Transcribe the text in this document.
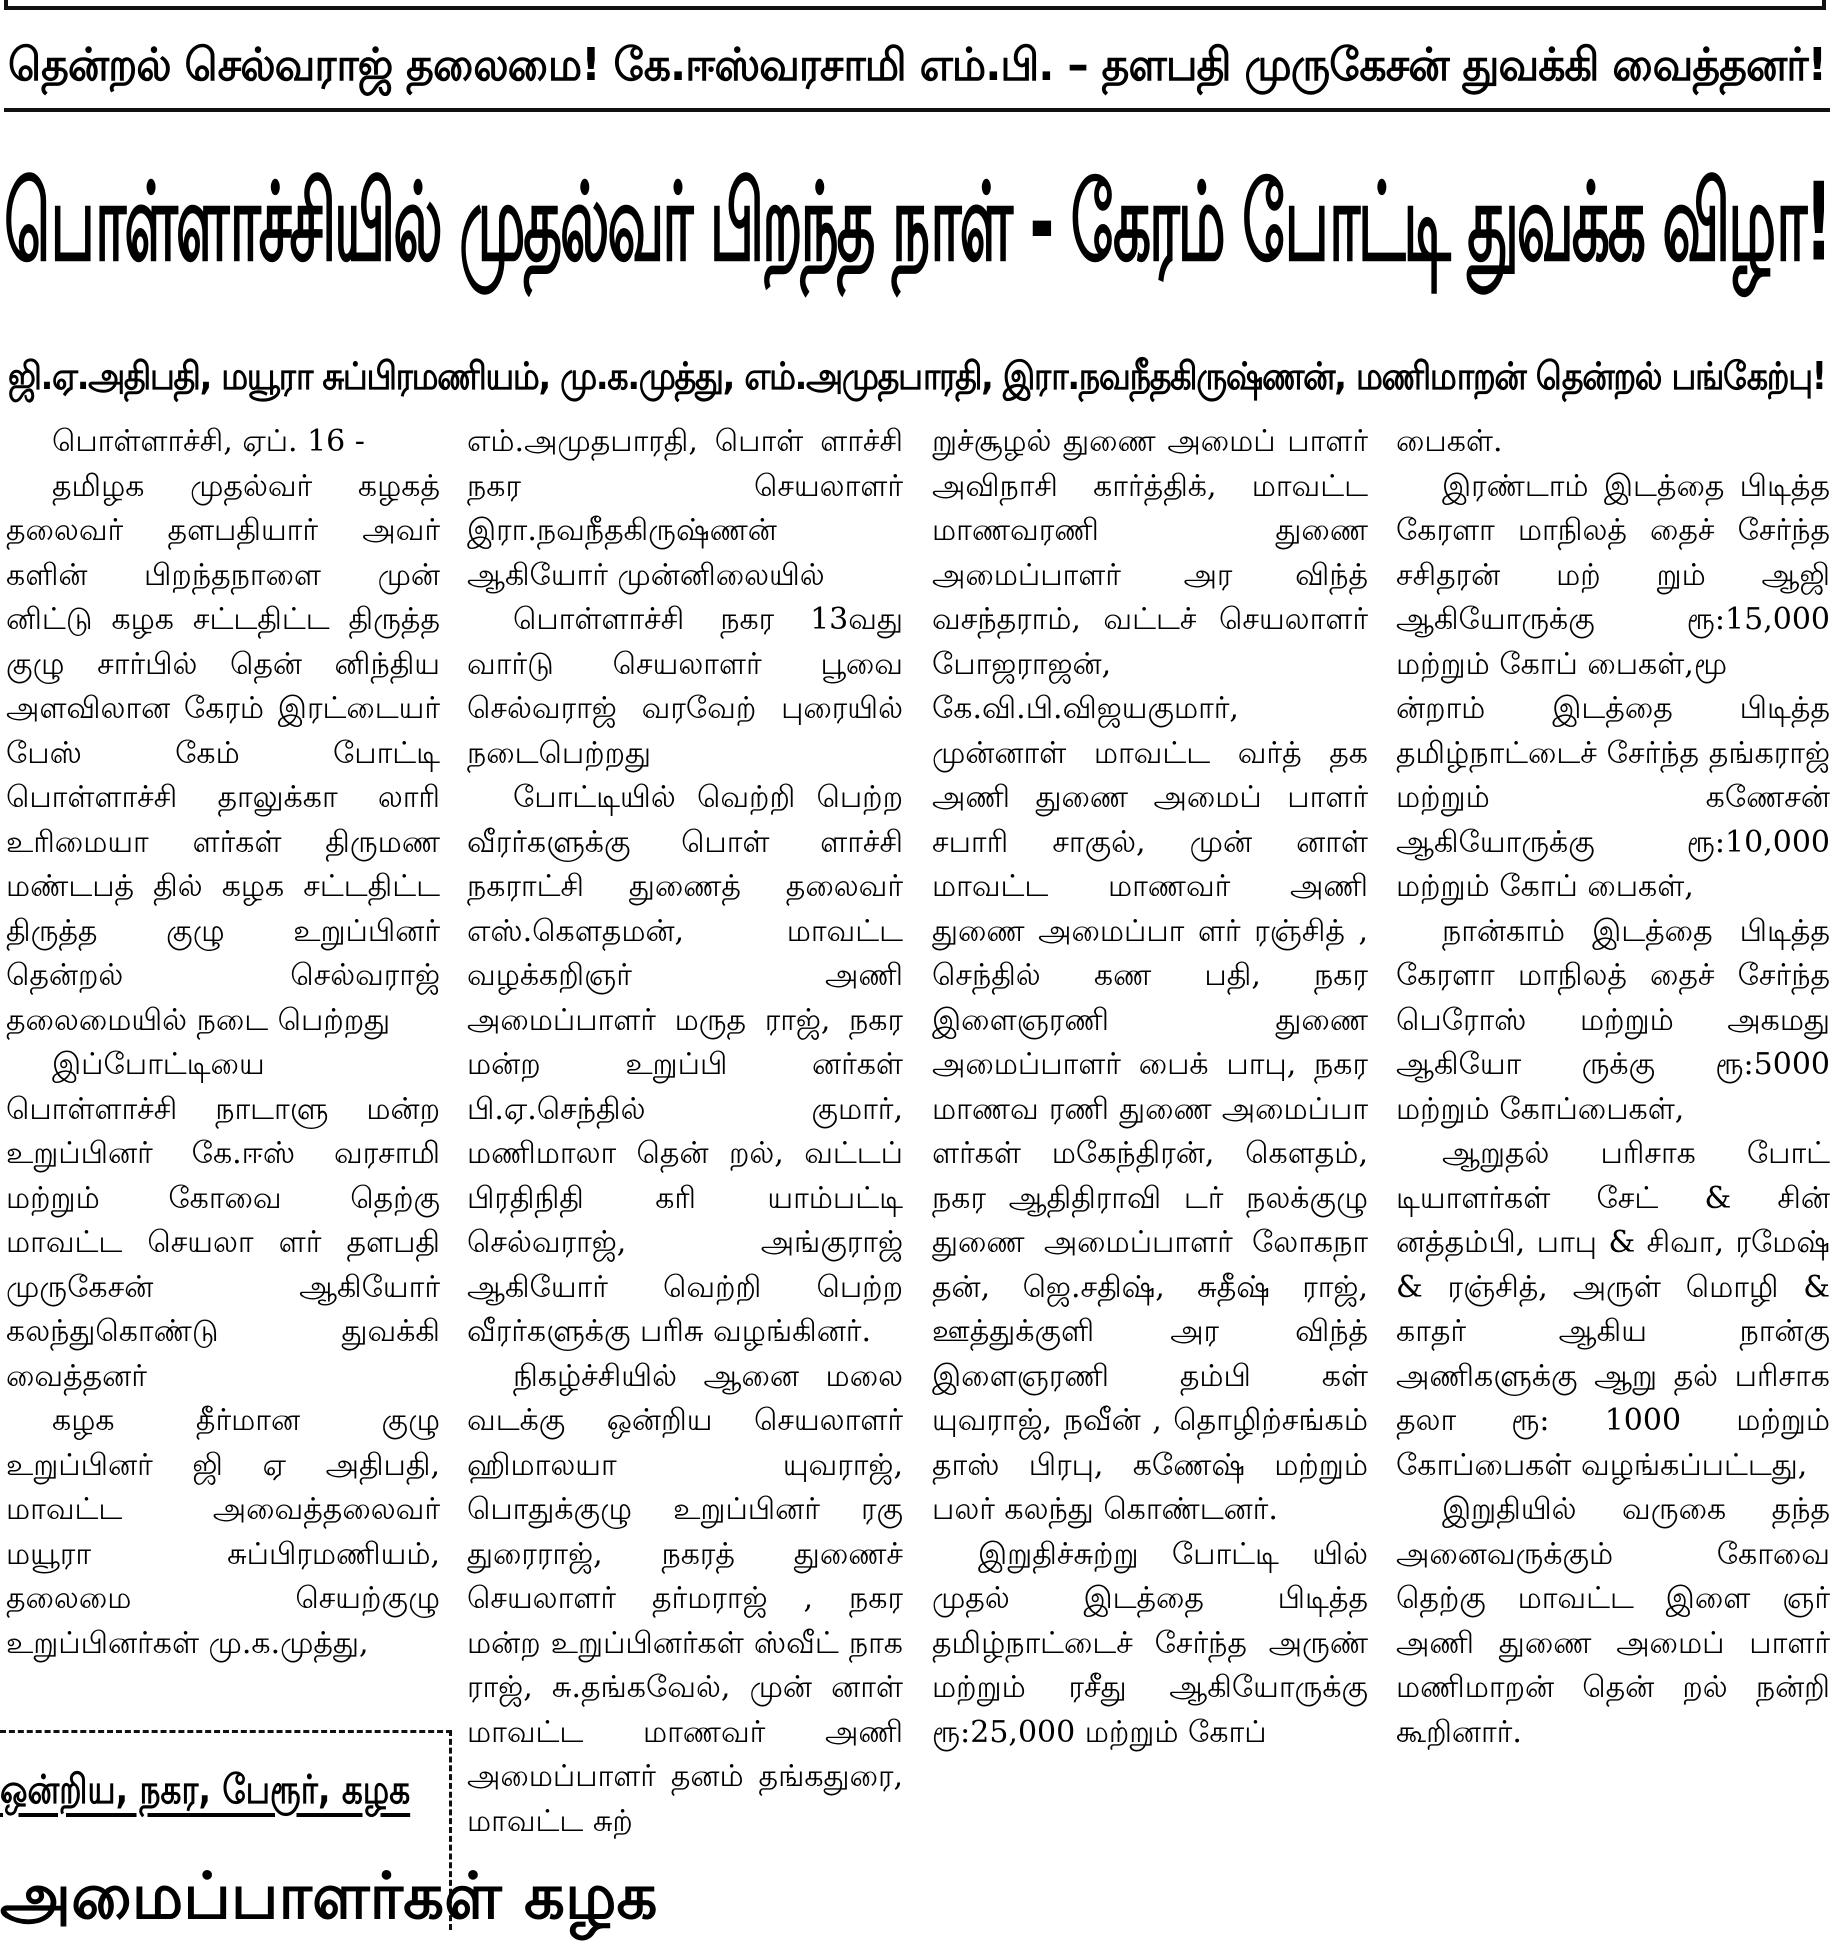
தென்றல் செல்வராஜ் தலைமை! கே.ஈஸ்வரசாமி எம்.பி. – தளபதி முருகேசன் துவக்கி வைத்தனர்!
பொள்ளாச்சியில் முதல்வர் பிறந்த நாள் - கேரம் போட்டி துவக்க விழா!
ஜி.ஏ.அதிபதி, மயூரா சுப்பிரமணியம், மு.க.முத்து, எம்.அமுதபாரதி, இரா.நவநீதகிருஷ்ணன், மணிமாறன் தென்றல் பங்கேற்பு!

பொள்ளாச்சி, ஏப். 16 -

தமிழக முதல்வர் கழகத் தலைவர் தளபதியார் அவர் களின் பிறந்தநாளை முன் னிட்டு கழக சட்டதிட்ட திருத்த குழு சார்பில் தென் னிந்திய அளவிலான கேரம் இரட்டையர் பேஸ் கேம் போட்டி பொள்ளாச்சி தாலுக்கா லாரி உரிமையா ளர்கள் திருமண மண்டபத் தில் கழக சட்டதிட்ட திருத்த குழு உறுப்பினர் தென்றல் செல்வராஜ் தலைமையில் நடை பெற்றது

இப்போட்டியை பொள்ளாச்சி நாடாளு மன்ற உறுப்பினர் கே.ஈஸ் வரசாமி மற்றும் கோவை தெற்கு மாவட்ட செயலா ளர் தளபதி முருகேசன் ஆகியோர் கலந்துகொண்டு துவக்கி வைத்தனர்

கழக தீர்மான குழு உறுப்பினர் ஜி ஏ அதிபதி, மாவட்ட அவைத்தலைவர் மயூரா சுப்பிரமணியம், தலைமை செயற்குழு உறுப்பினர்கள் மு.க.முத்து,

எம்.அமுதபாரதி, பொள் ளாச்சி நகர செயலாளர் இரா.நவநீதகிருஷ்ணன் ஆகியோர் முன்னிலையில்

பொள்ளாச்சி நகர 13வது வார்டு செயலாளர் பூவை செல்வராஜ் வரவேற் புரையில் நடைபெற்றது

போட்டியில் வெற்றி பெற்ற வீரர்களுக்கு பொள் ளாச்சி நகராட்சி துணைத் தலைவர் எஸ்.கௌதமன், மாவட்ட வழக்கறிஞர் அணி அமைப்பாளர் மருத ராஜ், நகர மன்ற உறுப்பி னர்கள் பி.ஏ.செந்தில் குமார், மணிமாலா தென் றல், வட்டப் பிரதிநிதி கரி யாம்பட்டி செல்வராஜ், அங்குராஜ் ஆகியோர் வெற்றி பெற்ற வீரர்களுக்கு பரிசு வழங்கினர்.

நிகழ்ச்சியில் ஆனை மலை வடக்கு ஒன்றிய செயலாளர் ஹிமாலயா யுவராஜ், பொதுக்குழு உறுப்பினர் ரகு துரைராஜ், நகரத் துணைச் செயலாளர் தர்மராஜ் , நகர மன்ற உறுப்பினர்கள் ஸ்வீட் நாக ராஜ், சு.தங்கவேல், முன் னாள் மாவட்ட மாணவர் அணி அமைப்பாளர் தனம் தங்கதுரை, மாவட்ட சுற்

றுச்சூழல் துணை அமைப் பாளர் அவிநாசி கார்த்திக், மாவட்ட மாணவரணி துணை அமைப்பாளர் அர விந்த் வசந்தராம், வட்டச் செயலாளர் போஜராஜன், கே.வி.பி.விஜயகுமார், முன்னாள் மாவட்ட வர்த் தக அணி துணை அமைப் பாளர் சபாரி சாகுல், முன் னாள் மாவட்ட மாணவர் அணி துணை அமைப்பா ளர் ரஞ்சித் , செந்தில் கண பதி, நகர இளைஞரணி துணை அமைப்பாளர் பைக் பாபு, நகர மாணவ ரணி துணை அமைப்பா ளர்கள் மகேந்திரன், கௌதம், நகர ஆதிதிராவி டர் நலக்குழு துணை அமைப்பாளர் லோகநா தன், ஜெ.சதிஷ், சுதீஷ் ராஜ், ஊத்துக்குளி அர விந்த் இளைஞரணி தம்பி கள் யுவராஜ், நவீன் , தொழிற்சங்கம் தாஸ் பிரபு, கணேஷ் மற்றும் பலர் கலந்து கொண்டனர்.

இறுதிச்சுற்று போட்டி யில் முதல் இடத்தை பிடித்த தமிழ்நாட்டைச் சேர்ந்த அருண் மற்றும் ரசீது ஆகியோருக்கு ரூ:25,000 மற்றும் கோப்

பைகள்.

இரண்டாம் இடத்தை பிடித்த கேரளா மாநிலத் தைச் சேர்ந்த சசிதரன் மற் றும் ஆஜி ஆகியோருக்கு ரூ:15,000 மற்றும் கோப் பைகள்,மூ

ன்றாம் இடத்தை பிடித்த தமிழ்நாட்டைச் சேர்ந்த தங்கராஜ் மற்றும் கணேசன் ஆகியோருக்கு ரூ:10,000 மற்றும் கோப் பைகள்,

நான்காம் இடத்தை பிடித்த கேரளா மாநிலத் தைச் சேர்ந்த பெரோஸ் மற்றும் அகமது ஆகியோ ருக்கு ரூ:5000 மற்றும் கோப்பைகள்,

ஆறுதல் பரிசாக போட் டியாளர்கள் சேட் & சின் னத்தம்பி, பாபு & சிவா, ரமேஷ் & ரஞ்சித், அருள் மொழி & காதர் ஆகிய நான்கு அணிகளுக்கு ஆறு தல் பரிசாக தலா ரூ: 1000 மற்றும் கோப்பைகள் வழங்கப்பட்டது,

இறுதியில் வருகை தந்த அனைவருக்கும் கோவை தெற்கு மாவட்ட இளை ஞர் அணி துணை அமைப் பாளர் மணிமாறன் தென் றல் நன்றி கூறினார்.

ஒன்றிய, நகர, பேரூர், கழக
அமைப்பாளர்கள் கழக
